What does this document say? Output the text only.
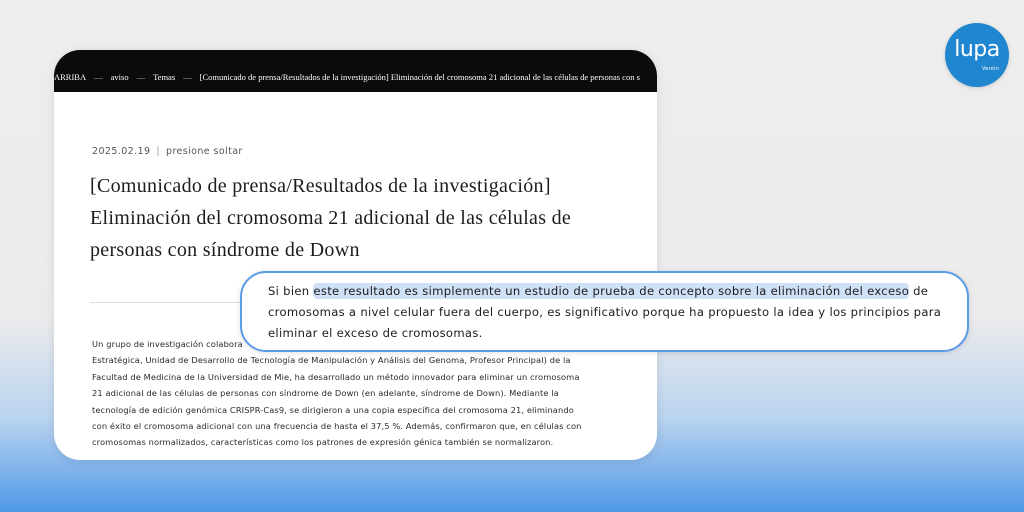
ARRIBA — aviso — Temas — [Comunicado de prensa/Resultados de la investigación] Eliminación del cromosoma 21 adicional de las células de personas con s
2025.02.19 | presione soltar
[Comunicado de prensa/Resultados de la investigación]
Eliminación del cromosoma 21 adicional de las células de
personas con síndrome de Down
Un grupo de investigación colabora
Estratégica, Unidad de Desarrollo de Tecnología de Manipulación y Análisis del Genoma, Profesor Principal) de la
Facultad de Medicina de la Universidad de Mie, ha desarrollado un método innovador para eliminar un cromosoma
21 adicional de las células de personas con síndrome de Down (en adelante, síndrome de Down). Mediante la
tecnología de edición genómica CRISPR-Cas9, se dirigieron a una copia específica del cromosoma 21, eliminando
con éxito el cromosoma adicional con una frecuencia de hasta el 37,5 %. Además, confirmaron que, en células con
cromosomas normalizados, características como los patrones de expresión génica también se normalizaron.
Si bien este resultado es simplemente un estudio de prueba de concepto sobre la eliminación del exceso de
cromosomas a nivel celular fuera del cuerpo, es significativo porque ha propuesto la idea y los principios para
eliminar el exceso de cromosomas.
lupa
Verein
